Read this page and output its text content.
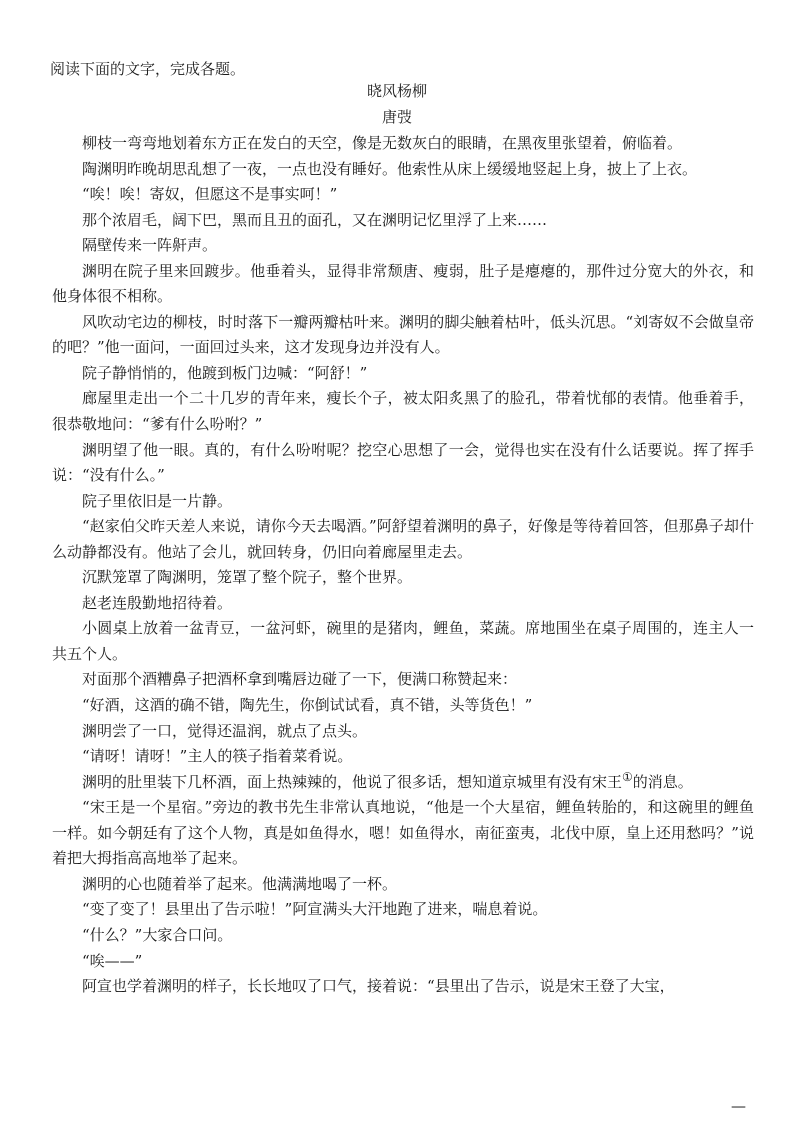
阅读下面的文字，完成各题。
晓风杨柳
唐弢

柳枝一弯弯地划着东方正在发白的天空，像是无数灰白的眼睛，在黑夜里张望着，俯临着。

陶渊明昨晚胡思乱想了一夜，一点也没有睡好。他索性从床上缓缓地竖起上身，披上了上衣。

“唉！唉！寄奴，但愿这不是事实呵！”

那个浓眉毛，阔下巴，黑而且丑的面孔，又在渊明记忆里浮了上来……

隔壁传来一阵鼾声。

渊明在院子里来回踱步。他垂着头，显得非常颓唐、瘦弱，肚子是瘪瘪的，那件过分宽大的外衣，和他身体很不相称。

风吹动宅边的柳枝，时时落下一瓣两瓣枯叶来。渊明的脚尖触着枯叶，低头沉思。“刘寄奴不会做皇帝的吧？”他一面问，一面回过头来，这才发现身边并没有人。

院子静悄悄的，他踱到板门边喊：“阿舒！”

廊屋里走出一个二十几岁的青年来，瘦长个子，被太阳炙黑了的脸孔，带着忧郁的表情。他垂着手，很恭敬地问：“爹有什么吩咐？”

渊明望了他一眼。真的，有什么吩咐呢？挖空心思想了一会，觉得也实在没有什么话要说。挥了挥手说：“没有什么。”

院子里依旧是一片静。

“赵家伯父昨天差人来说，请你今天去喝酒。”阿舒望着渊明的鼻子，好像是等待着回答，但那鼻子却什么动静都没有。他站了会儿，就回转身，仍旧向着廊屋里走去。

沉默笼罩了陶渊明，笼罩了整个院子，整个世界。

赵老连殷勤地招待着。

小圆桌上放着一盆青豆，一盆河虾，碗里的是猪肉，鲤鱼，菜蔬。席地围坐在桌子周围的，连主人一共五个人。

对面那个酒糟鼻子把酒杯拿到嘴唇边碰了一下，便满口称赞起来：

“好酒，这酒的确不错，陶先生，你倒试试看，真不错，头等货色！”

渊明尝了一口，觉得还温润，就点了点头。

“请呀！请呀！”主人的筷子指着菜肴说。

渊明的肚里装下几杯酒，面上热辣辣的，他说了很多话，想知道京城里有没有宋王①的消息。

“宋王是一个星宿。”旁边的教书先生非常认真地说，“他是一个大星宿，鲤鱼转胎的，和这碗里的鲤鱼一样。如今朝廷有了这个人物，真是如鱼得水，嗯！如鱼得水，南征蛮夷，北伐中原，皇上还用愁吗？”说着把大拇指高高地举了起来。

渊明的心也随着举了起来。他满满地喝了一杯。

“变了变了！县里出了告示啦！”阿宣满头大汗地跑了进来，喘息着说。

“什么？”大家合口问。

“唉——”

阿宣也学着渊明的样子，长长地叹了口气，接着说：“县里出了告示，说是宋王登了大宝，

—
